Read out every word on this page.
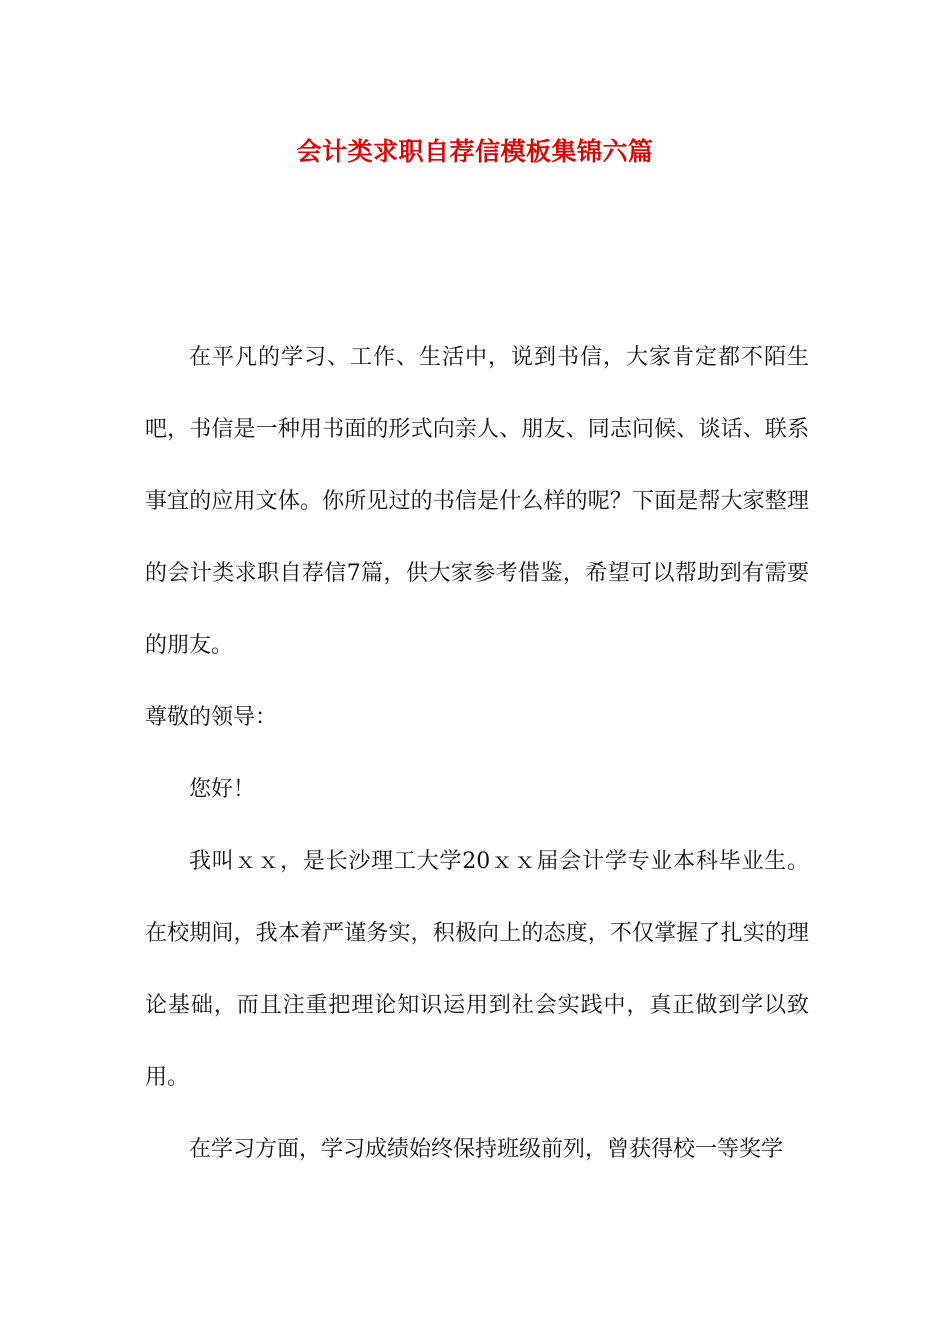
会计类求职自荐信模板集锦六篇

在平凡的学习、工作、生活中，说到书信，大家肯定都不陌生吧，书信是一种用书面的形式向亲人、朋友、同志问候、谈话、联系事宜的应用文体。你所见过的书信是什么样的呢？下面是帮大家整理的会计类求职自荐信7篇，供大家参考借鉴，希望可以帮助到有需要的朋友。

尊敬的领导：

您好！

我叫ｘｘ，是长沙理工大学20ｘｘ届会计学专业本科毕业生。在校期间，我本着严谨务实，积极向上的态度，不仅掌握了扎实的理论基础，而且注重把理论知识运用到社会实践中，真正做到学以致用。

在学习方面，学习成绩始终保持班级前列，曾获得校一等奖学
